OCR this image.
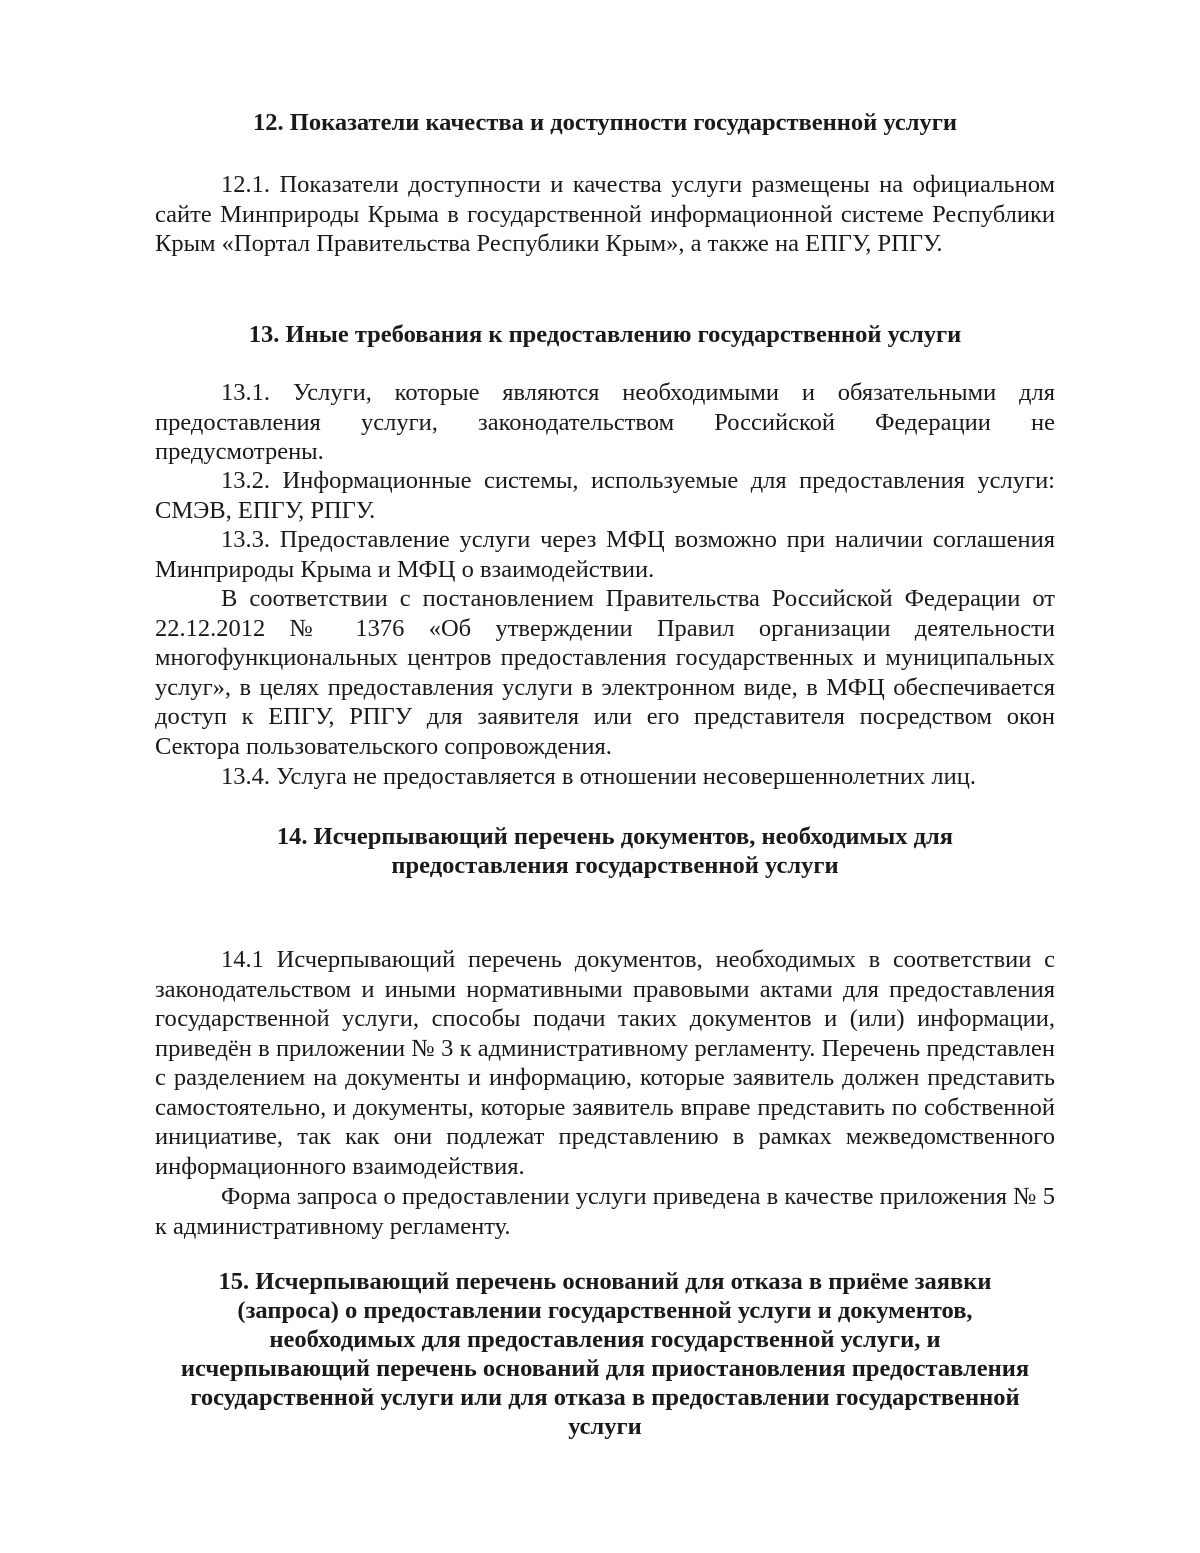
12. Показатели качества и доступности государственной услуги

12.1. Показатели доступности и качества услуги размещены на официальном сайте Минприроды Крыма в государственной информационной системе Республики Крым «Портал Правительства Республики Крым», а также на ЕПГУ, РПГУ.

13. Иные требования к предоставлению государственной услуги

13.1. Услуги, которые являются необходимыми и обязательными для предоставления услуги, законодательством Российской Федерации не предусмотрены.

13.2. Информационные системы, используемые для предоставления услуги: СМЭВ, ЕПГУ, РПГУ.

13.3. Предоставление услуги через МФЦ возможно при наличии соглашения Минприроды Крыма и МФЦ о взаимодействии.

В соответствии с постановлением Правительства Российской Федерации от 22.12.2012 № 1376 «Об утверждении Правил организации деятельности многофункциональных центров предоставления государственных и муниципальных услуг», в целях предоставления услуги в электронном виде, в МФЦ обеспечивается доступ к ЕПГУ, РПГУ для заявителя или его представителя посредством окон Сектора пользовательского сопровождения.

13.4. Услуга не предоставляется в отношении несовершеннолетних лиц.

14. Исчерпывающий перечень документов, необходимых для
предоставления государственной услуги

14.1 Исчерпывающий перечень документов, необходимых в соответствии с законодательством и иными нормативными правовыми актами для предоставления государственной услуги, способы подачи таких документов и (или) информации, приведён в приложении № 3 к административному регламенту. Перечень представлен с разделением на документы и информацию, которые заявитель должен представить самостоятельно, и документы, которые заявитель вправе представить по собственной инициативе, так как они подлежат представлению в рамках межведомственного информационного взаимодействия.

Форма запроса о предоставлении услуги приведена в качестве приложения № 5 к административному регламенту.

15. Исчерпывающий перечень оснований для отказа в приёме заявки
(запроса) о предоставлении государственной услуги и документов,
необходимых для предоставления государственной услуги, и
исчерпывающий перечень оснований для приостановления предоставления
государственной услуги или для отказа в предоставлении государственной
услуги
